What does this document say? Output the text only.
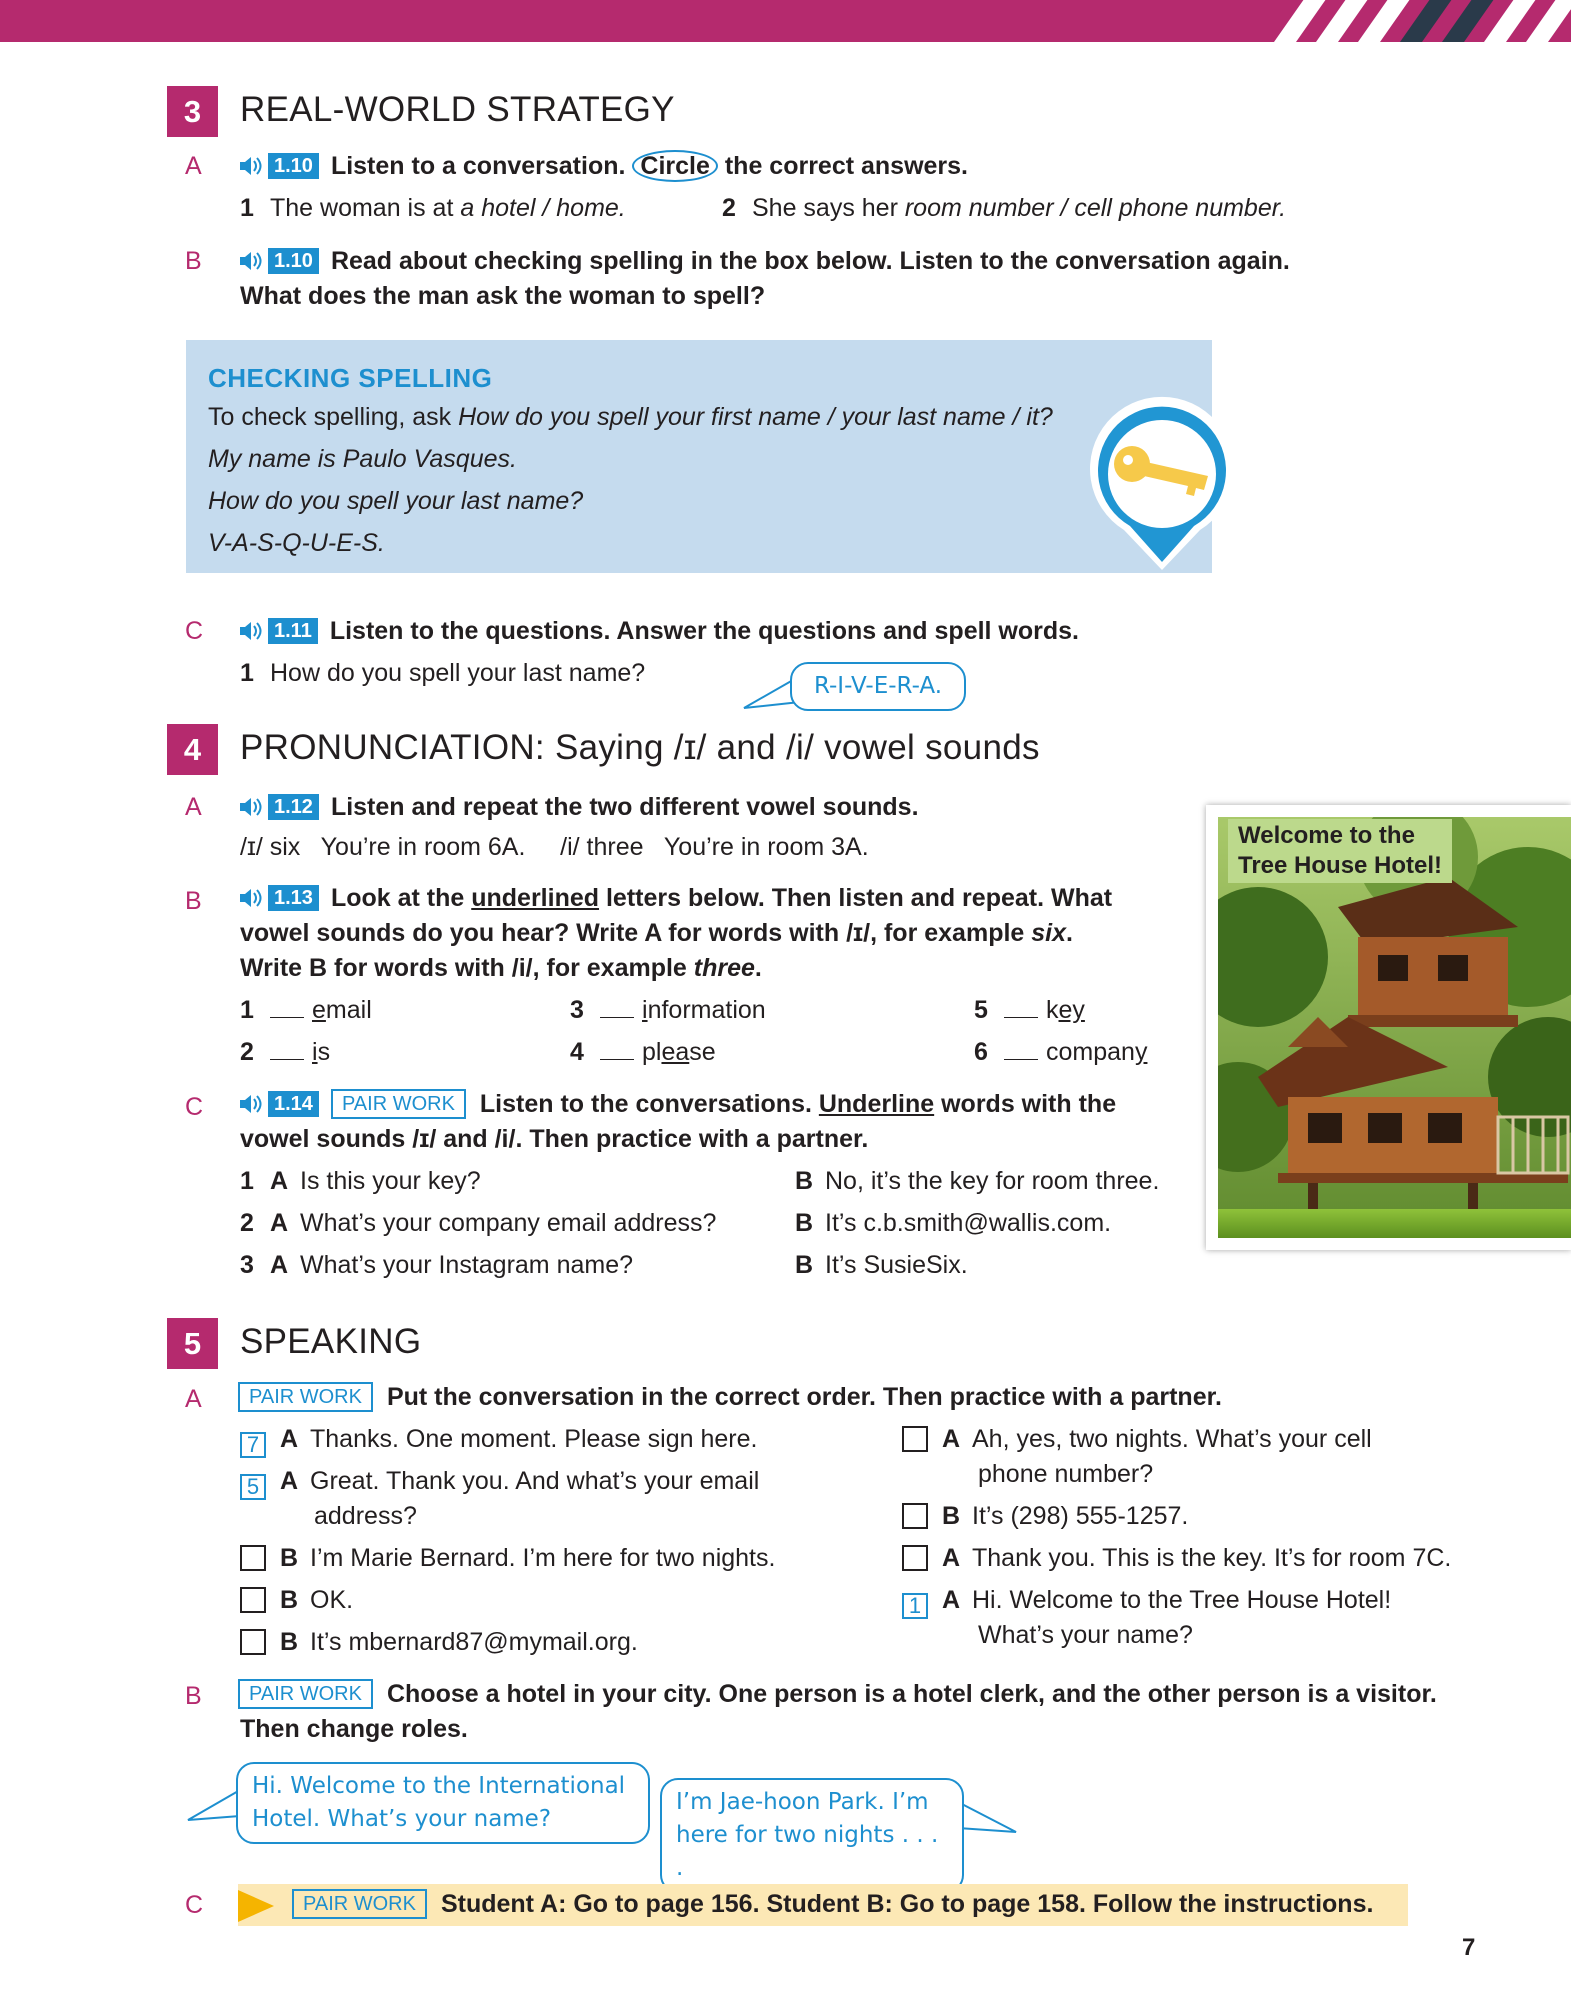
3	REAL-WORLD STRATEGY
A	1.10 Listen to a conversation. Circle the correct answers.
1 The woman is at a hotel / home.	2 She says her room number / cell phone number.
B	1.10 Read about checking spelling in the box below. Listen to the conversation again.
What does the man ask the woman to spell?
CHECKING SPELLING
To check spelling, ask How do you spell your first name / your last name / it?
My name is Paulo Vasques.
How do you spell your last name?
V-A-S-Q-U-E-S.
C	1.11 Listen to the questions. Answer the questions and spell words.
1 How do you spell your last name?	R-I-V-E-R-A.
4	PRONUNCIATION: Saying /ɪ/ and /i/ vowel sounds
A	1.12 Listen and repeat the two different vowel sounds.
/ɪ/ six   You’re in room 6A.     /i/ three   You’re in room 3A.
B	1.13 Look at the underlined letters below. Then listen and repeat. What
vowel sounds do you hear? Write A for words with /ɪ/, for example six.
Write B for words with /i/, for example three.
1 email
2 is
3 information
4 please
5 key
6 company
C	1.14 PAIR WORK Listen to the conversations. Underline words with the
vowel sounds /ɪ/ and /i/. Then practice with a partner.
1 A Is this your key?	B No, it’s the key for room three.
2 A What’s your company email address?	B It’s c.b.smith@wallis.com.
3 A What’s your Instagram name?	B It’s SusieSix.
Welcome to the
Tree House Hotel!
5	SPEAKING
A	PAIR WORK Put the conversation in the correct order. Then practice with a partner.
7 A Thanks. One moment. Please sign here.
5 A Great. Thank you. And what’s your email
address?
B I’m Marie Bernard. I’m here for two nights.
B OK.
B It’s mbernard87@mymail.org.
A Ah, yes, two nights. What’s your cell
phone number?
B It’s (298) 555-1257.
A Thank you. This is the key. It’s for room 7C.
1 A Hi. Welcome to the Tree House Hotel!
What’s your name?
B	PAIR WORK Choose a hotel in your city. One person is a hotel clerk, and the other person is a visitor.
Then change roles.
Hi. Welcome to the International
Hotel. What’s your name?
I’m Jae-hoon Park. I’m
here for two nights . . . .
C	PAIR WORK Student A: Go to page 156. Student B: Go to page 158. Follow the instructions.
7
